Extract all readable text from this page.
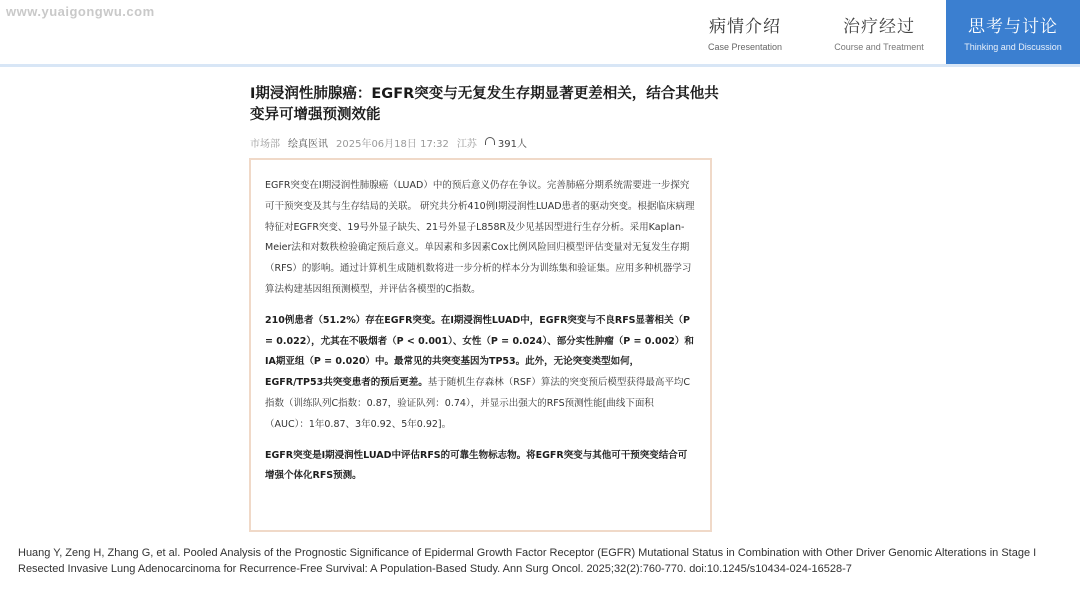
www.yuaigongwu.com
病情介绍
Case Presentation
治疗经过
Course and Treatment
思考与讨论
Thinking and Discussion
I期浸润性肺腺癌：EGFR突变与无复发生存期显著更差相关，结合其他共变异可增强预测效能
市场部 绘真医讯 2025年06月18日 17:32 江苏 391人

EGFR突变在I期浸润性肺腺癌（LUAD）中的预后意义仍存在争议。完善肺癌分期系统需要进一步探究可干预突变及其与生存结局的关联。 研究共分析410例I期浸润性LUAD患者的驱动突变。根据临床病理特征对EGFR突变、19号外显子缺失、21号外显子L858R及少见基因型进行生存分析。采用Kaplan-Meier法和对数秩检验确定预后意义。单因素和多因素Cox比例风险回归模型评估变量对无复发生存期（RFS）的影响。通过计算机生成随机数将进一步分析的样本分为训练集和验证集。应用多种机器学习算法构建基因组预测模型，并评估各模型的C指数。

210例患者（51.2%）存在EGFR突变。在I期浸润性LUAD中，EGFR突变与不良RFS显著相关（P = 0.022），尤其在不吸烟者（P < 0.001）、女性（P = 0.024）、部分实性肿瘤（P = 0.002）和IA期亚组（P = 0.020）中。最常见的共突变基因为TP53。此外，无论突变类型如何，EGFR/TP53共突变患者的预后更差。基于随机生存森林（RSF）算法的突变预后模型获得最高平均C指数（训练队列C指数：0.87，验证队列：0.74），并显示出强大的RFS预测性能[曲线下面积（AUC）：1年0.87、3年0.92、5年0.92]。

EGFR突变是I期浸润性LUAD中评估RFS的可靠生物标志物。将EGFR突变与其他可干预突变结合可增强个体化RFS预测。

Huang Y, Zeng H, Zhang G, et al. Pooled Analysis of the Prognostic Significance of Epidermal Growth Factor Receptor (EGFR) Mutational Status in Combination with Other Driver Genomic Alterations in Stage I Resected Invasive Lung Adenocarcinoma for Recurrence-Free Survival: A Population-Based Study. Ann Surg Oncol. 2025;32(2):760-770. doi:10.1245/s10434-024-16528-7
